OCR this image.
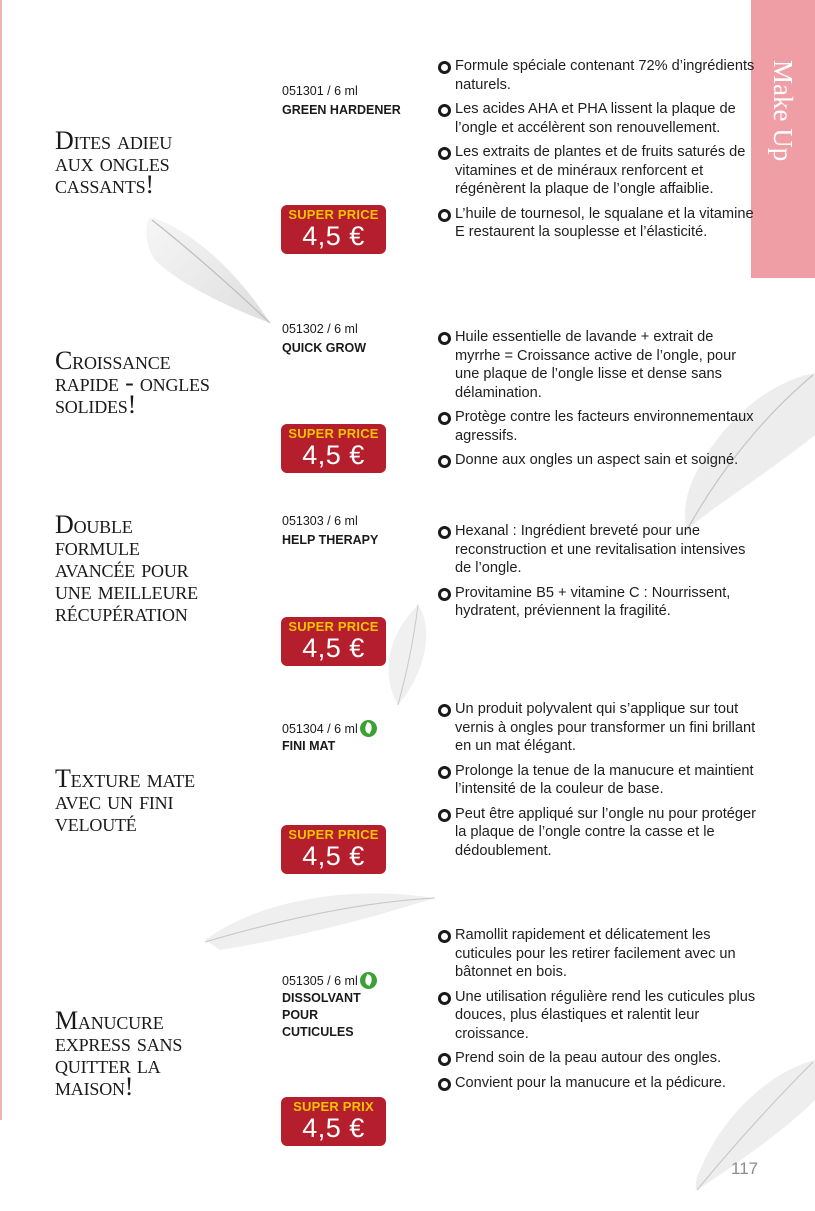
Make Up
Dites adieu
aux ongles
cassants!
051301 / 6 ml
GREEN HARDENER
SUPER PRICE
4,5 €
Formule spéciale contenant 72% d’ingrédients naturels.
Les acides AHA et PHA lissent la plaque de l’ongle et accélèrent son renouvellement.
Les extraits de plantes et de fruits saturés de vitamines et de minéraux renforcent et régénèrent la plaque de l’ongle affaiblie.
L’huile de tournesol, le squalane et la vitamine E restaurent la souplesse et l’élasticité.
Croissance
rapide - ongles
solides!
051302 / 6 ml
QUICK GROW
SUPER PRICE
4,5 €
Huile essentielle de lavande + extrait de myrrhe = Croissance active de l’ongle, pour une plaque de l’ongle lisse et dense sans délamination.
Protège contre les facteurs environnementaux agressifs.
Donne aux ongles un aspect sain et soigné.
Double
formule
avancée pour
une meilleure
récupération
051303 / 6 ml
HELP THERAPY
SUPER PRICE
4,5 €
Hexanal : Ingrédient breveté pour une reconstruction et une revitalisation intensives de l’ongle.
Provitamine B5 + vitamine C : Nourrissent, hydratent, préviennent la fragilité.
Texture mate
avec un fini
velouté
051304 / 6 ml
FINI MAT
SUPER PRICE
4,5 €
Un produit polyvalent qui s’applique sur tout vernis à ongles pour transformer un fini brillant en un mat élégant.
Prolonge la tenue de la manucure et maintient l’intensité de la couleur de base.
Peut être appliqué sur l’ongle nu pour protéger la plaque de l’ongle contre la casse et le dédoublement.
Manucure
express sans
quitter la
maison!
051305 / 6 ml
DISSOLVANT
POUR
CUTICULES
SUPER PRIX
4,5 €
Ramollit rapidement et délicatement les cuticules pour les retirer facilement avec un bâtonnet en bois.
Une utilisation régulière rend les cuticules plus douces, plus élastiques et ralentit leur croissance.
Prend soin de la peau autour des ongles.
Convient pour la manucure et la pédicure.
117
